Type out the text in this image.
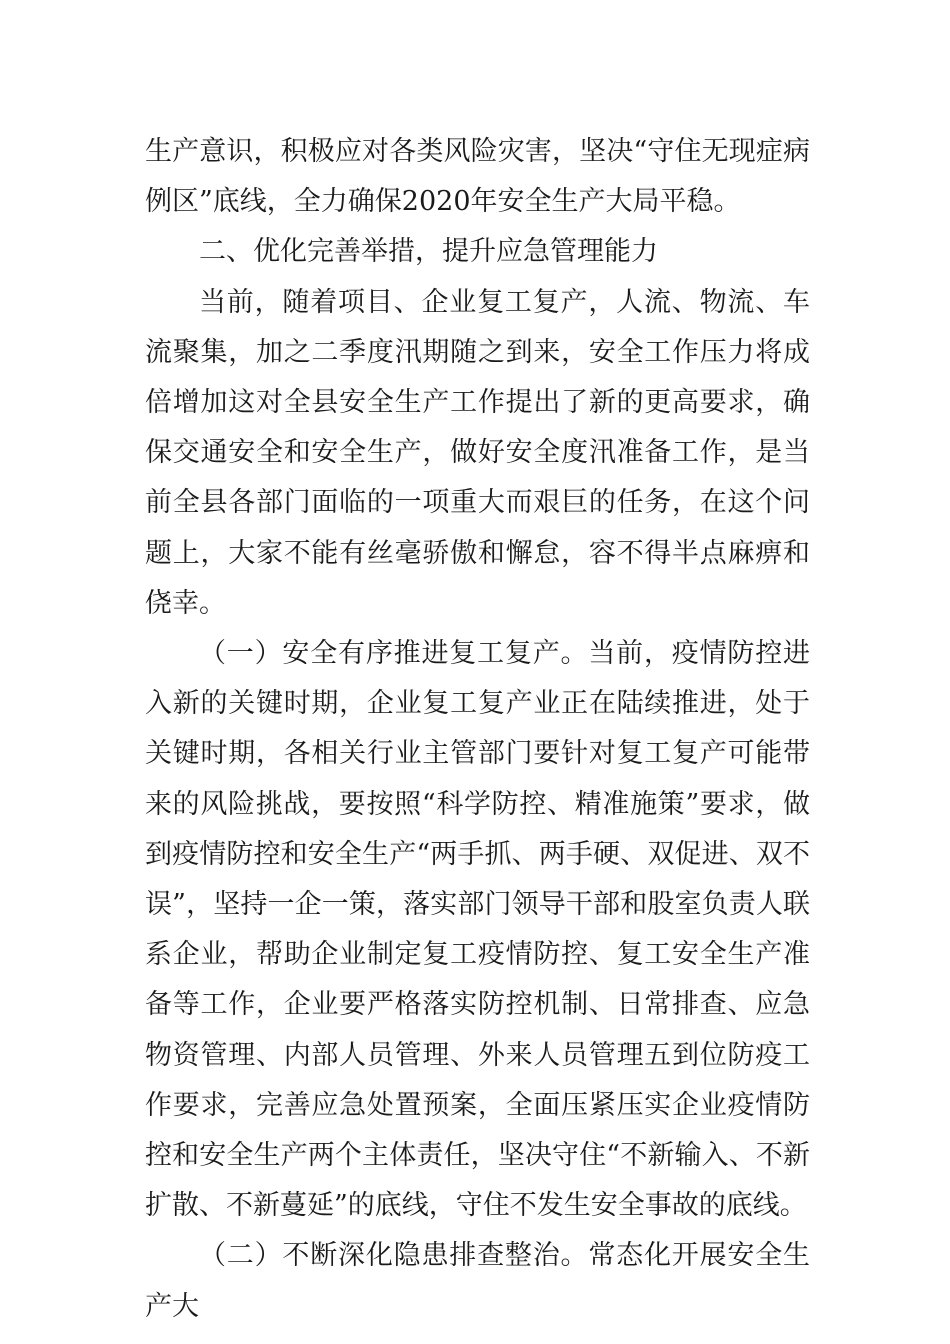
生产意识，积极应对各类风险灾害，坚决“守住无现症病例区”底线，全力确保2020年安全生产大局平稳。

二、优化完善举措，提升应急管理能力

当前，随着项目、企业复工复产，人流、物流、车流聚集，加之二季度汛期随之到来，安全工作压力将成倍增加这对全县安全生产工作提出了新的更高要求，确保交通安全和安全生产，做好安全度汛准备工作，是当前全县各部门面临的一项重大而艰巨的任务，在这个问题上，大家不能有丝毫骄傲和懈怠，容不得半点麻痹和侥幸。

（一）安全有序推进复工复产。当前，疫情防控进入新的关键时期，企业复工复产业正在陆续推进，处于关键时期，各相关行业主管部门要针对复工复产可能带来的风险挑战，要按照“科学防控、精准施策”要求，做到疫情防控和安全生产“两手抓、两手硬、双促进、双不误”，坚持一企一策，落实部门领导干部和股室负责人联系企业，帮助企业制定复工疫情防控、复工安全生产准备等工作，企业要严格落实防控机制、日常排查、应急物资管理、内部人员管理、外来人员管理五到位防疫工作要求，完善应急处置预案，全面压紧压实企业疫情防控和安全生产两个主体责任，坚决守住“不新输入、不新扩散、不新蔓延”的底线，守住不发生安全事故的底线。

（二）不断深化隐患排查整治。常态化开展安全生产大
